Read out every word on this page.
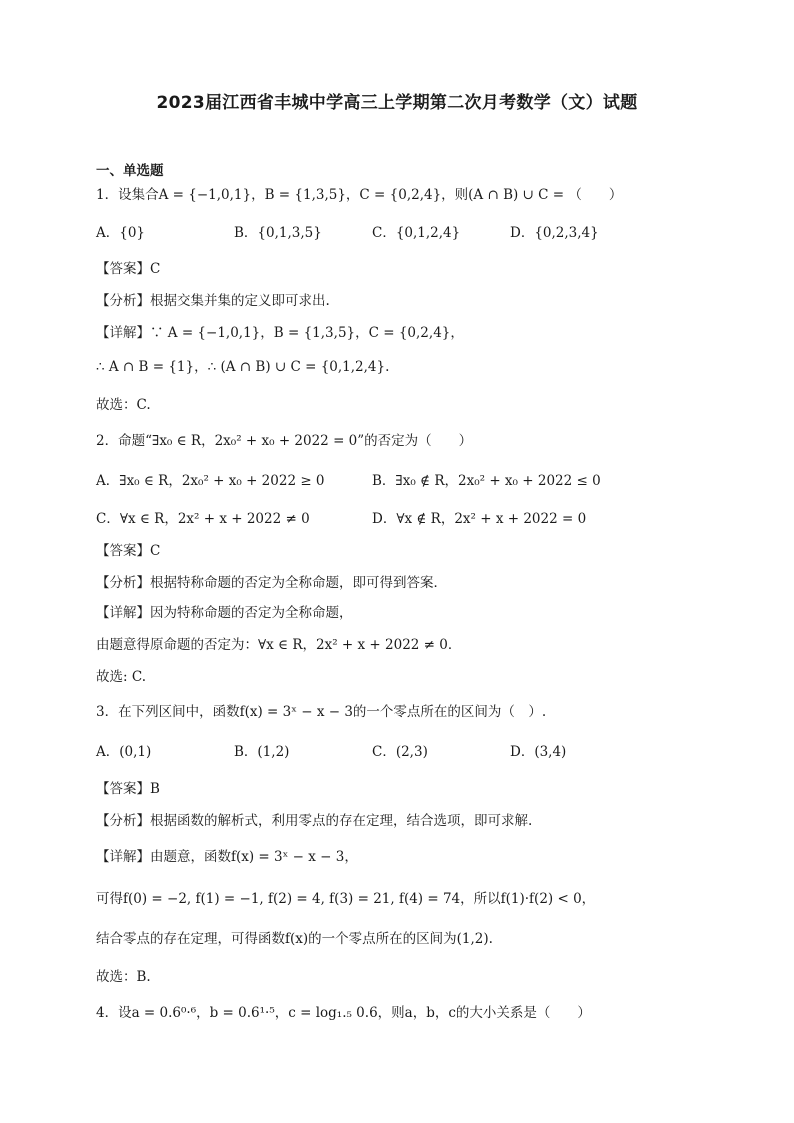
2023届江西省丰城中学高三上学期第二次月考数学（文）试题
一、单选题
1．设集合A = {−1,0,1}，B = {1,3,5}，C = {0,2,4}，则(A ∩ B) ∪ C = （　　）
A．{0}	B．{0,1,3,5}	C．{0,1,2,4}	D．{0,2,3,4}
【答案】C
【分析】根据交集并集的定义即可求出.
【详解】∵ A = {−1,0,1}，B = {1,3,5}，C = {0,2,4}，
∴ A ∩ B = {1}，∴ (A ∩ B) ∪ C = {0,1,2,4}.
故选：C.
2．命题“∃x₀ ∈ R，2x₀² + x₀ + 2022 = 0”的否定为（　　）
A．∃x₀ ∈ R，2x₀² + x₀ + 2022 ≥ 0	B．∃x₀ ∉ R，2x₀² + x₀ + 2022 ≤ 0
C．∀x ∈ R，2x² + x + 2022 ≠ 0	D．∀x ∉ R，2x² + x + 2022 = 0
【答案】C
【分析】根据特称命题的否定为全称命题，即可得到答案．
【详解】因为特称命题的否定为全称命题，
由题意得原命题的否定为：∀x ∈ R，2x² + x + 2022 ≠ 0．
故选: C.
3．在下列区间中，函数f(x) = 3ˣ − x − 3的一个零点所在的区间为（　）.
A．(0,1)	B．(1,2)	C．(2,3)	D．(3,4)
【答案】B
【分析】根据函数的解析式，利用零点的存在定理，结合选项，即可求解.
【详解】由题意，函数f(x) = 3ˣ − x − 3，
可得f(0) = −2, f(1) = −1, f(2) = 4, f(3) = 21, f(4) = 74，所以f(1)·f(2) < 0，
结合零点的存在定理，可得函数f(x)的一个零点所在的区间为(1,2).
故选：B.
4．设a = 0.6⁰·⁶，b = 0.6¹·⁵，c = log₁.₅ 0.6，则a，b，c的大小关系是（　　）
